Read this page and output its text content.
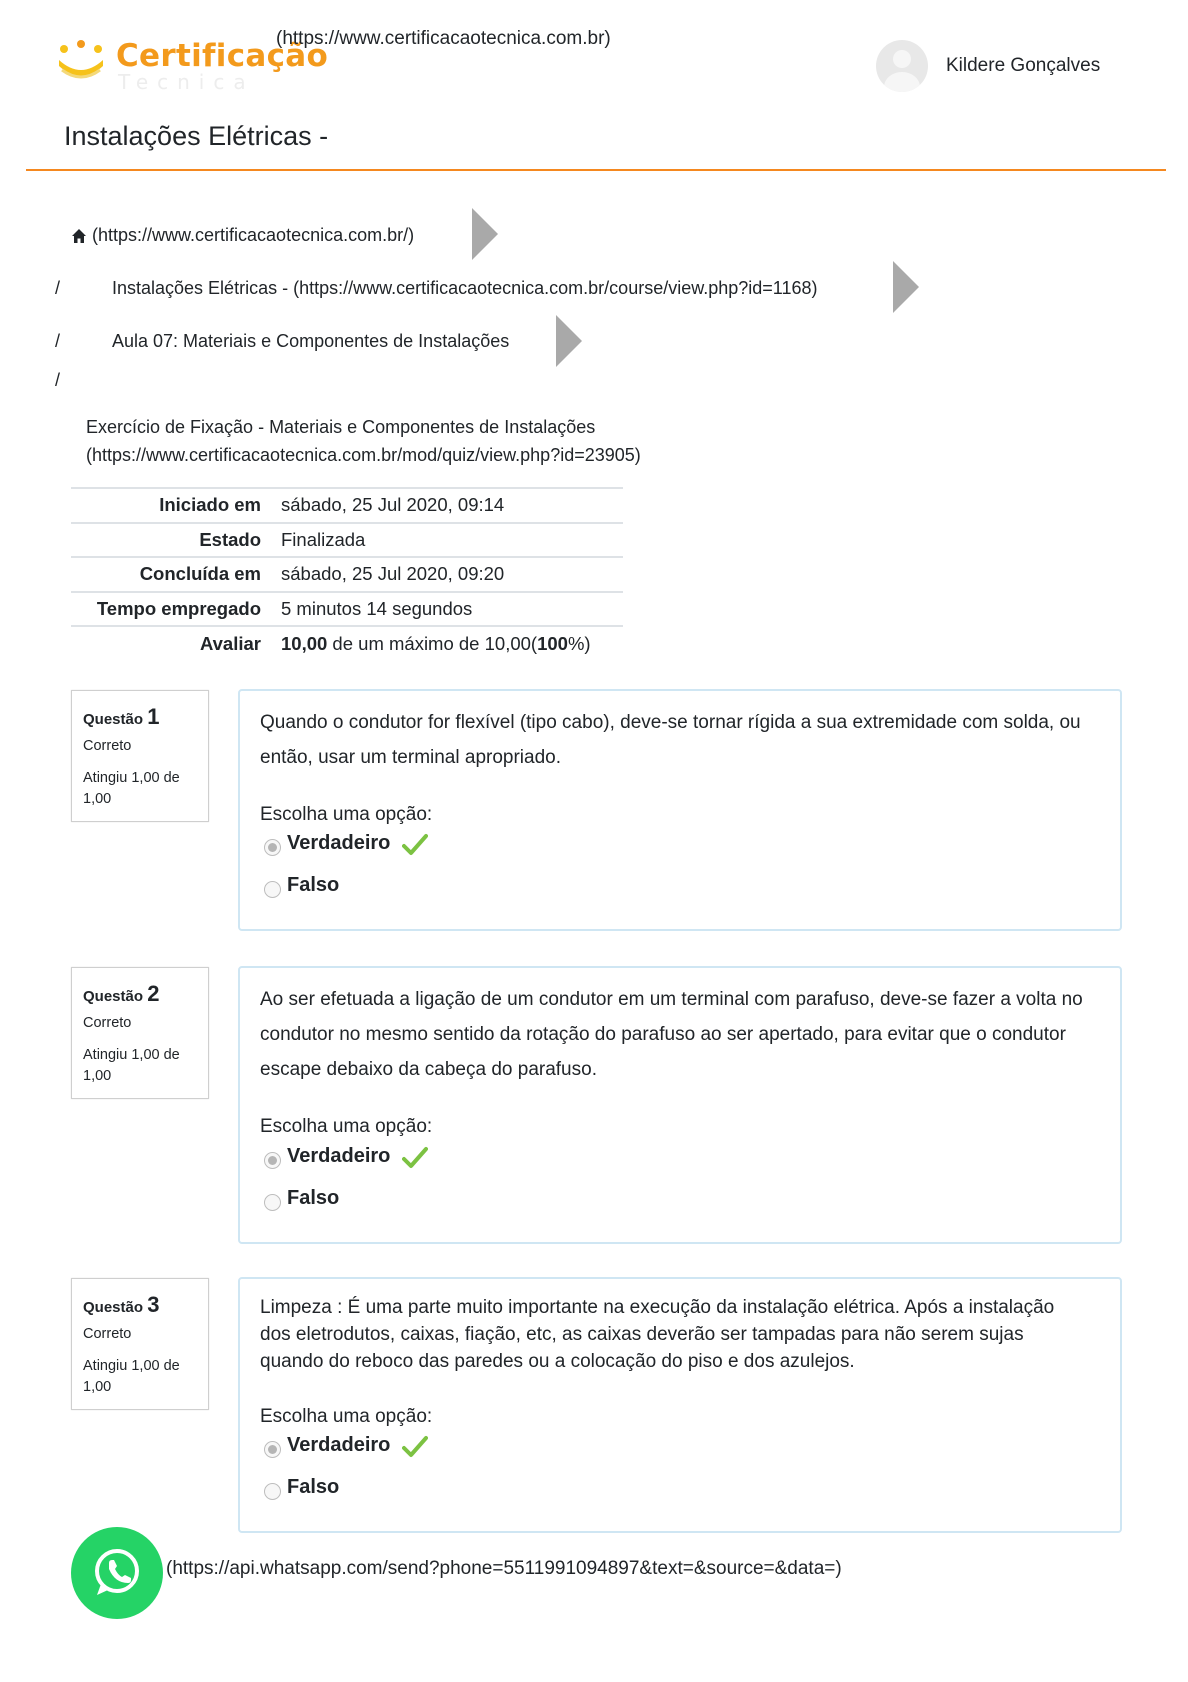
Certificação
Tecnica
(https://www.certificacaotecnica.com.br)
Kildere Gonçalves
Instalações Elétricas -
(https://www.certificacaotecnica.com.br/)
/	Instalações Elétricas - (https://www.certificacaotecnica.com.br/course/view.php?id=1168)
/	Aula 07: Materiais e Componentes de Instalações
/
Exercício de Fixação - Materiais e Componentes de Instalações
(https://www.certificacaotecnica.com.br/mod/quiz/view.php?id=23905)
Iniciado em	sábado, 25 Jul 2020, 09:14
Estado	Finalizada
Concluída em	sábado, 25 Jul 2020, 09:20
Tempo empregado	5 minutos 14 segundos
Avaliar	10,00 de um máximo de 10,00(100%)
Questão 1
Correto
Atingiu 1,00 de 1,00
Quando o condutor for flexível (tipo cabo), deve-se tornar rígida a sua extremidade com solda, ou então, usar um terminal apropriado.
Escolha uma opção:
Verdadeiro
Falso
Questão 2
Correto
Atingiu 1,00 de 1,00
Ao ser efetuada a ligação de um condutor em um terminal com parafuso, deve-se fazer a volta no condutor no mesmo sentido da rotação do parafuso ao ser apertado, para evitar que o condutor escape debaixo da cabeça do parafuso.
Escolha uma opção:
Verdadeiro
Falso
Questão 3
Correto
Atingiu 1,00 de 1,00
Limpeza : É uma parte muito importante na execução da instalação elétrica. Após a instalação dos eletrodutos, caixas, fiação, etc, as caixas deverão ser tampadas para não serem sujas quando do reboco das paredes ou a colocação do piso e dos azulejos.
Escolha uma opção:
Verdadeiro
Falso
(https://api.whatsapp.com/send?phone=5511991094897&text=&source=&data=)
